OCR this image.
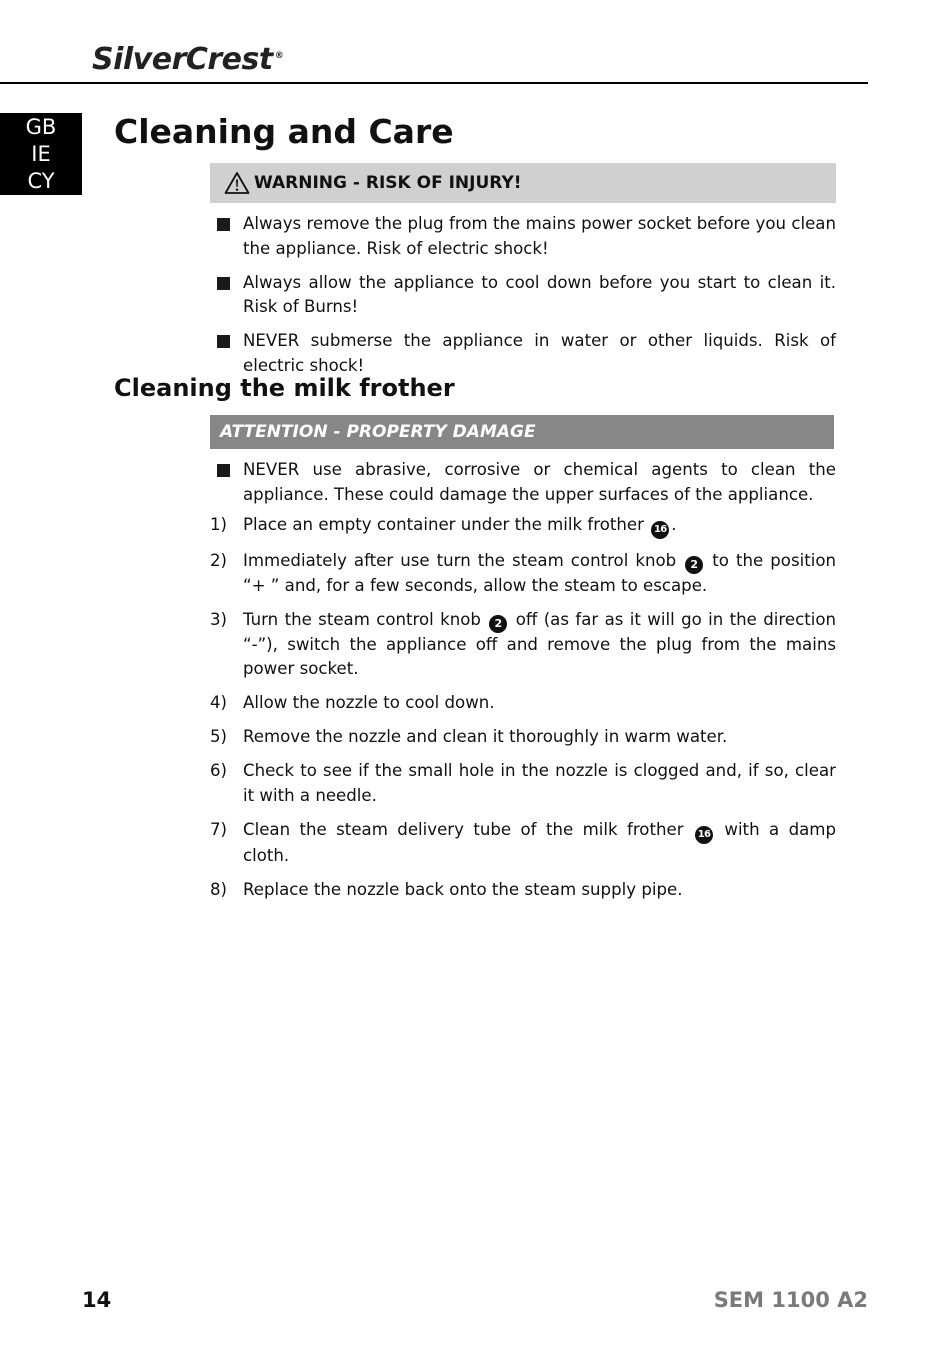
SilverCrest ®
GB
IE
CY
Cleaning and Care
WARNING - RISK OF INJURY!
Always remove the plug from the mains power socket before you clean the appliance. Risk of electric shock!
Always allow the appliance to cool down before you start to clean it. Risk of Burns!
NEVER submerse the appliance in water or other liquids. Risk of electric shock!
Cleaning the milk frother
ATTENTION - PROPERTY DAMAGE
NEVER use abrasive, corrosive or chemical agents to clean the appliance. These could damage the upper surfaces of the appliance.
1) Place an empty container under the milk frother 16 .
2) Immediately after use turn the steam control knob 2 to the position “+ ” and, for a few seconds, allow the steam to escape.
3) Turn the steam control knob 2 off (as far as it will go in the direction “-”), switch the appliance off and remove the plug from the mains power socket.
4) Allow the nozzle to cool down.
5) Remove the nozzle and clean it thoroughly in warm water.
6) Check to see if the small hole in the nozzle is clogged and, if so, clear it with a needle.
7) Clean the steam delivery tube of the milk frother 16 with a damp cloth.
8) Replace the nozzle back onto the steam supply pipe.
14	SEM 1100 A2
